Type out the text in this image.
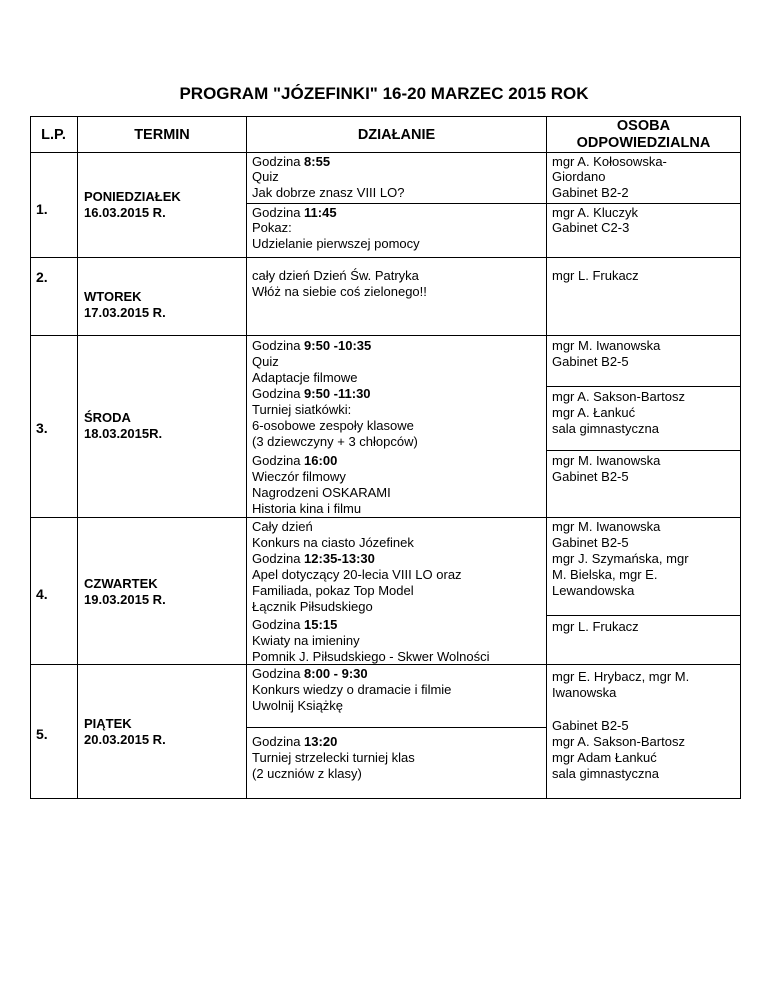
PROGRAM "JÓZEFINKI" 16-20 MARZEC 2015 ROK
L.P.	TERMIN	DZIAŁANIE
OSOBA
ODPOWIEDZIALNA
1.
PONIEDZIAŁEK
16.03.2015 R.
Godzina 8:55
Quiz
Jak dobrze znasz VIII LO?
Godzina 11:45
Pokaz:
Udzielanie pierwszej pomocy
mgr A. Kołosowska-
Giordano
Gabinet B2-2
mgr A. Kluczyk
Gabinet C2-3
2.
WTOREK
17.03.2015 R.
cały dzień Dzień Św. Patryka
Włóż na siebie coś zielonego!!
mgr L. Frukacz
3.
ŚRODA
18.03.2015R.
Godzina 9:50 -10:35
Quiz
Adaptacje filmowe
Godzina 9:50 -11:30
Turniej siatkówki:
6-osobowe zespoły klasowe
(3 dziewczyny + 3 chłopców)
Godzina 16:00
Wieczór filmowy
Nagrodzeni OSKARAMI
Historia kina i filmu
mgr M. Iwanowska
Gabinet B2-5
mgr A. Sakson-Bartosz
mgr A. Łankuć
sala gimnastyczna
mgr M. Iwanowska
Gabinet B2-5
4.
CZWARTEK
19.03.2015 R.
Cały dzień
Konkurs na ciasto Józefinek
Godzina 12:35-13:30
Apel dotyczący 20-lecia VIII LO oraz
Familiada, pokaz Top Model
Łącznik Piłsudskiego
Godzina 15:15
Kwiaty na imieniny
Pomnik J. Piłsudskiego - Skwer Wolności
mgr M. Iwanowska
Gabinet B2-5
mgr J. Szymańska, mgr
M. Bielska, mgr E.
Lewandowska
mgr L. Frukacz
5.
PIĄTEK
20.03.2015 R.
Godzina 8:00 - 9:30
Konkurs wiedzy o dramacie i filmie
Uwolnij Książkę
Godzina 13:20
Turniej strzelecki turniej klas
(2 uczniów z klasy)
mgr E. Hrybacz, mgr M.
Iwanowska
Gabinet B2-5
mgr A. Sakson-Bartosz
mgr Adam Łankuć
sala gimnastyczna
